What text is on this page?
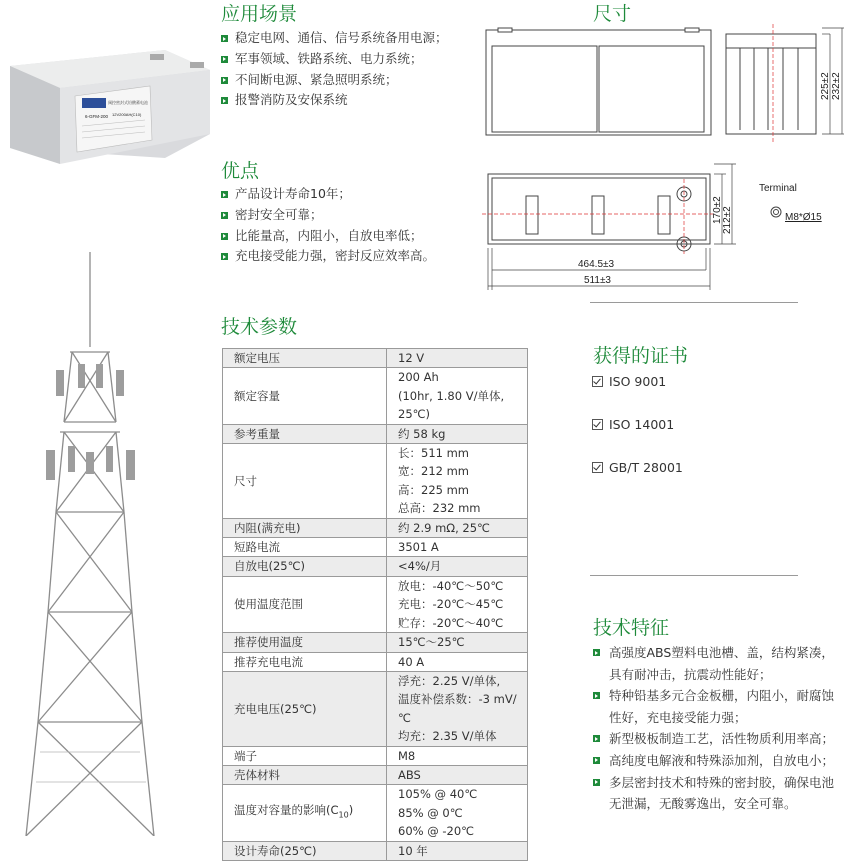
阀控密封式铅酸蓄电池
6-GFM-200 12V200AH(C10)
应用场景
稳定电网、通信、信号系统备用电源；
军事领域、铁路系统、电力系统；
不间断电源、紧急照明系统；
报警消防及安保系统
优点
产品设计寿命10年；
密封安全可靠；
比能量高，内阻小，自放电率低；
充电接受能力强，密封反应效率高。
尺寸
225±2 232±2
170±2 212±2
464.5±3
511±3
Terminal
M8*Ø15
技术参数
额定电压	12 V

额定容量	200 Ah
(10hr, 1.80 V/单体, 25℃)

参考重量	约 58 kg

尺寸	长：511 mm
宽：212 mm
高：225 mm
总高：232 mm

内阻(满充电)	约 2.9 mΩ, 25℃

短路电流	3501 A

自放电(25℃)	<4%/月

使用温度范围	放电：-40℃～50℃
充电：-20℃～45℃
贮存：-20℃～40℃

推荐使用温度	15℃～25℃

推荐充电电流	40 A

充电电压(25℃)	浮充：2.25 V/单体,
温度补偿系数：-3 mV/℃
均充：2.35 V/单体

端子	M8

壳体材料	ABS

温度对容量的影响$(C_{10})$	105% @ 40℃
85% @ 0℃
60% @ -20℃

设计寿命(25℃)	10 年
获得的证书
ISO 9001
ISO 14001
GB/T 28001
技术特征
高强度ABS塑料电池槽、盖，结构紧凑，
具有耐冲击，抗震动性能好；
特种铅基多元合金板栅，内阻小，耐腐蚀
性好，充电接受能力强；
新型极板制造工艺，活性物质利用率高；
高纯度电解液和特殊添加剂，自放电小；
多层密封技术和特殊的密封胶，确保电池
无泄漏，无酸雾逸出，安全可靠。
